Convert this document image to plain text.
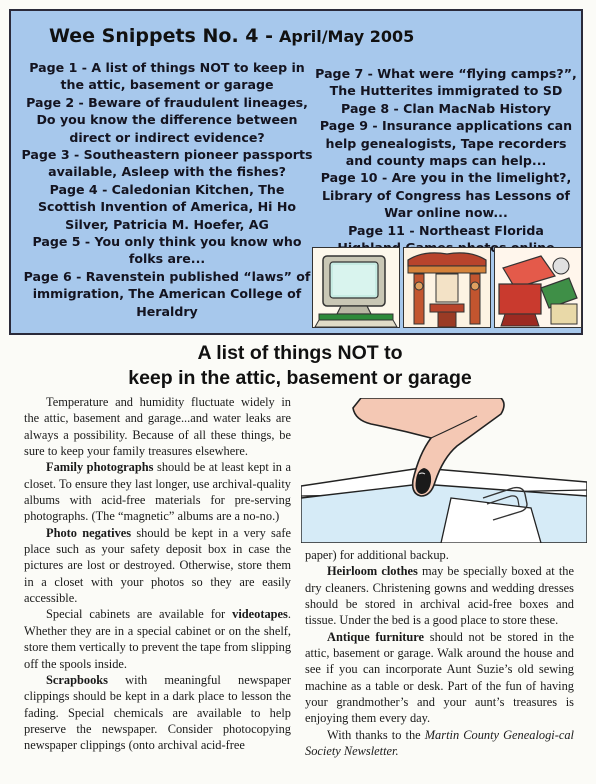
Wee Snippets No. 4 - April/May 2005

Page 1 - A list of things NOT to keep in the attic, basement or garage

Page 2 - Beware of fraudulent lineages, Do you know the difference between direct or indirect evidence?

Page 3 - Southeastern pioneer passports available, Asleep with the fishes?

Page 4 - Caledonian Kitchen, The Scottish Invention of America, Hi Ho Silver, Patricia M. Hoefer, AG

Page 5 - You only think you know who folks are...

Page 6 - Ravenstein published “laws” of immigration, The American College of Heraldry

Page 7 - What were “flying camps?”, The Hutterites immigrated to SD

Page 8 - Clan MacNab History

Page 9 - Insurance applications can help genealogists, Tape recorders and county maps can help...

Page 10 - Are you in the limelight?, Library of Congress has Lessons of War online now...

Page 11 - Northeast Florida

A list of things NOT to
keep in the attic, basement or garage

Temperature and humidity fluctuate widely in the attic, basement and garage...and water leaks are always a possibility. Because of all these things, be sure to keep your family treasures elsewhere.

Family photographs should be at least kept in a closet. To ensure they last longer, use archival-quality albums with acid-free materials for pre-serving photographs. (The “magnetic” albums are a no-no.)

Photo negatives should be kept in a very safe place such as your safety deposit box in case the pictures are lost or destroyed. Otherwise, store them in a closet with your photos so they are easily accessible.

Special cabinets are available for videotapes. Whether they are in a special cabinet or on the shelf, store them vertically to prevent the tape from slipping off the spools inside.

Scrapbooks with meaningful newspaper clippings should be kept in a dark place to lesson the fading. Special chemicals are available to help preserve the newspaper. Consider photocopying newspaper clippings (onto archival acid-free

paper) for additional backup.

Heirloom clothes may be specially boxed at the dry cleaners. Christening gowns and wedding dresses should be stored in archival acid-free boxes and tissue. Under the bed is a good place to store these.

Antique furniture should not be stored in the attic, basement or garage. Walk around the house and see if you can incorporate Aunt Suzie’s old sewing machine as a table or desk. Part of the fun of having your grandmother’s and your aunt’s treasures is enjoying them every day.

With thanks to the Martin County Genealogi-cal Society Newsletter.
